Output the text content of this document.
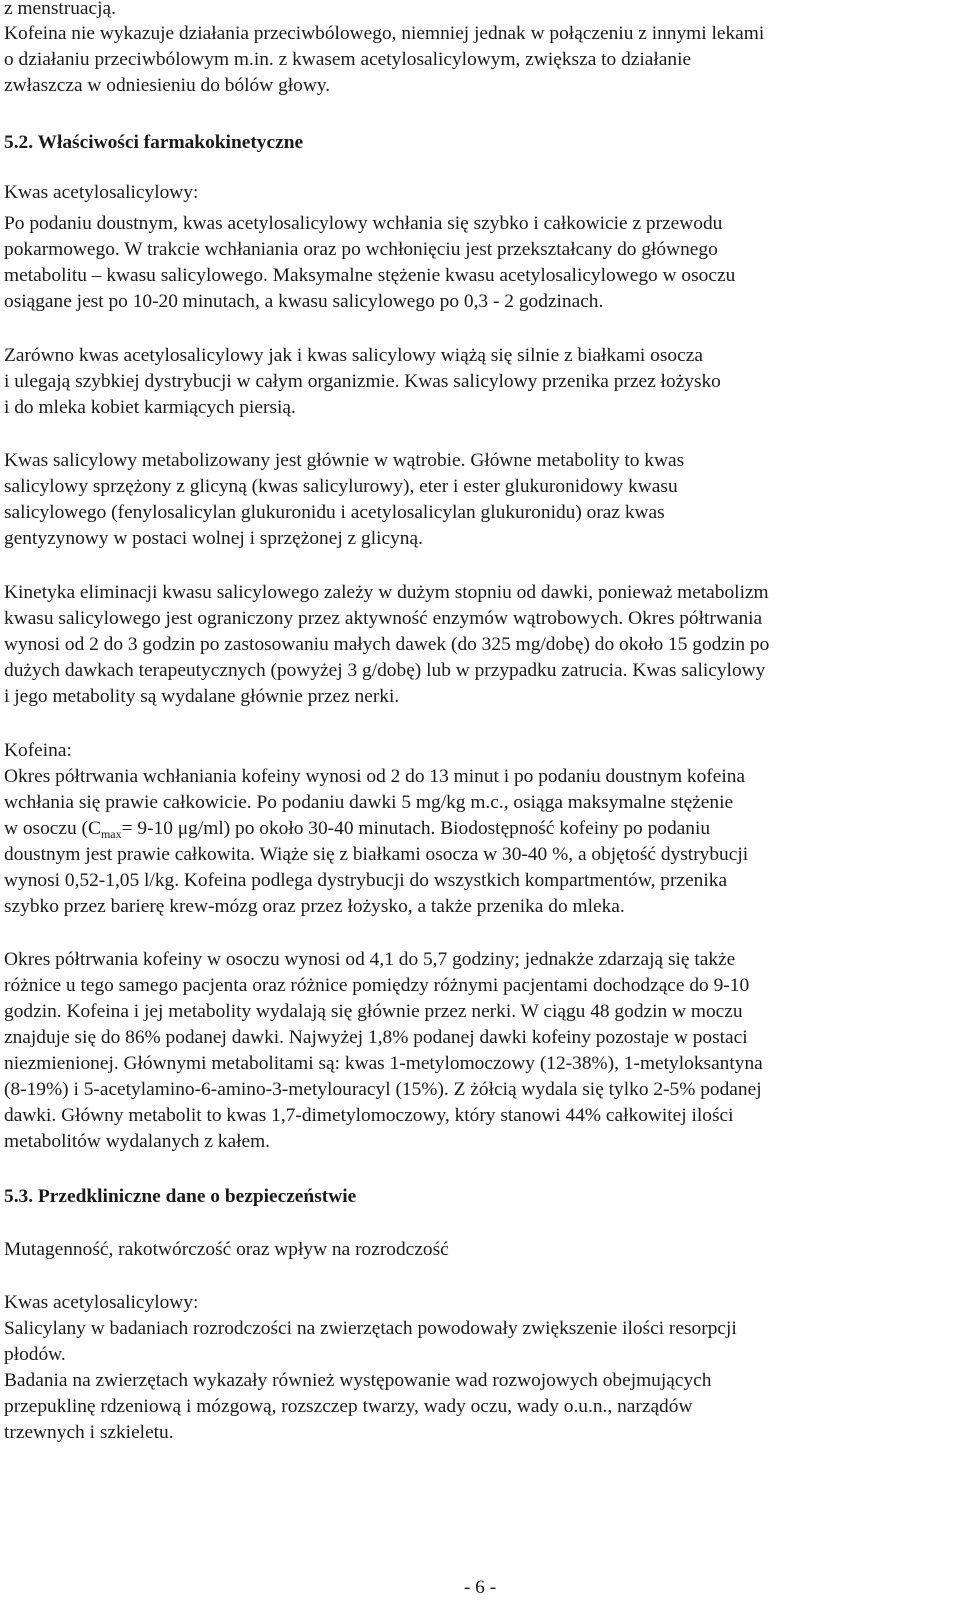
z menstruacją.
Kofeina nie wykazuje działania przeciwbólowego, niemniej jednak w połączeniu z innymi lekami
o działaniu przeciwbólowym m.in. z kwasem acetylosalicylowym, zwiększa to działanie
zwłaszcza w odniesieniu do bólów głowy.
5.2. Właściwości farmakokinetyczne
Kwas acetylosalicylowy:
Po podaniu doustnym, kwas acetylosalicylowy wchłania się szybko i całkowicie z przewodu
pokarmowego. W trakcie wchłaniania oraz po wchłonięciu jest przekształcany do głównego
metabolitu – kwasu salicylowego. Maksymalne stężenie kwasu acetylosalicylowego w osoczu
osiągane jest po 10-20 minutach, a kwasu salicylowego po 0,3 - 2 godzinach.
Zarówno kwas acetylosalicylowy jak i kwas salicylowy wiążą się silnie z białkami osocza
i ulegają szybkiej dystrybucji w całym organizmie. Kwas salicylowy przenika przez łożysko
i do mleka kobiet karmiących piersią.
Kwas salicylowy metabolizowany jest głównie w wątrobie. Główne metabolity to kwas
salicylowy sprzężony z glicyną (kwas salicylurowy), eter i ester glukuronidowy kwasu
salicylowego (fenylosalicylan glukuronidu i acetylosalicylan glukuronidu) oraz kwas
gentyzynowy w postaci wolnej i sprzężonej z glicyną.
Kinetyka eliminacji kwasu salicylowego zależy w dużym stopniu od dawki, ponieważ metabolizm
kwasu salicylowego jest ograniczony przez aktywność enzymów wątrobowych. Okres półtrwania
wynosi od 2 do 3 godzin po zastosowaniu małych dawek (do 325 mg/dobę) do około 15 godzin po
dużych dawkach terapeutycznych (powyżej 3 g/dobę) lub w przypadku zatrucia. Kwas salicylowy
i jego metabolity są wydalane głównie przez nerki.
Kofeina:
Okres półtrwania wchłaniania kofeiny wynosi od 2 do 13 minut i po podaniu doustnym kofeina
wchłania się prawie całkowicie. Po podaniu dawki 5 mg/kg m.c., osiąga maksymalne stężenie
w osoczu ($C_{max}= 9-10$ μg/ml) po około 30-40 minutach. Biodostępność kofeiny po podaniu
doustnym jest prawie całkowita. Wiąże się z białkami osocza w 30-40 %, a objętość dystrybucji
wynosi 0,52-1,05 l/kg. Kofeina podlega dystrybucji do wszystkich kompartmentów, przenika
szybko przez barierę krew-mózg oraz przez łożysko, a także przenika do mleka.
Okres półtrwania kofeiny w osoczu wynosi od 4,1 do 5,7 godziny; jednakże zdarzają się także
różnice u tego samego pacjenta oraz różnice pomiędzy różnymi pacjentami dochodzące do 9-10
godzin. Kofeina i jej metabolity wydalają się głównie przez nerki. W ciągu 48 godzin w moczu
znajduje się do 86% podanej dawki. Najwyżej 1,8% podanej dawki kofeiny pozostaje w postaci
niezmienionej. Głównymi metabolitami są: kwas 1-metylomoczowy (12-38%), 1-metyloksantyna
(8-19%) i 5-acetylamino-6-amino-3-metylouracyl (15%). Z żółcią wydala się tylko 2-5% podanej
dawki. Główny metabolit to kwas 1,7-dimetylomoczowy, który stanowi 44% całkowitej ilości
metabolitów wydalanych z kałem.
5.3. Przedkliniczne dane o bezpieczeństwie
Mutagenność, rakotwórczość oraz wpływ na rozrodczość
Kwas acetylosalicylowy:
Salicylany w badaniach rozrodczości na zwierzętach powodowały zwiększenie ilości resorpcji
płodów.
Badania na zwierzętach wykazały również występowanie wad rozwojowych obejmujących
przepuklinę rdzeniową i mózgową, rozszczep twarzy, wady oczu, wady o.u.n., narządów
trzewnych i szkieletu.
- 6 -
